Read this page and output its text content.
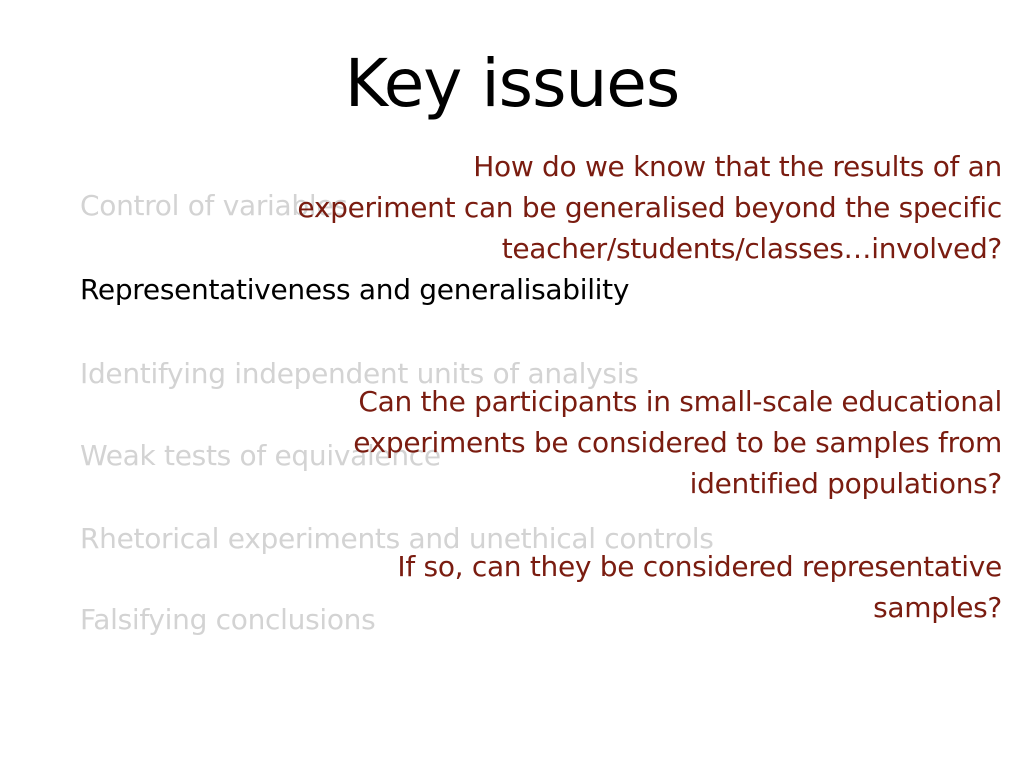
Key issues
Control of variables
Representativeness and generalisability
Identifying independent units of analysis
Weak tests of equivalence
Rhetorical experiments and unethical controls
Falsifying conclusions
How do we know that the results of an
experiment can be generalised beyond the specific
teacher/students/classes…involved?
Can the participants in small-scale educational
experiments be considered to be samples from
identified populations?
If so, can they be considered representative
samples?
